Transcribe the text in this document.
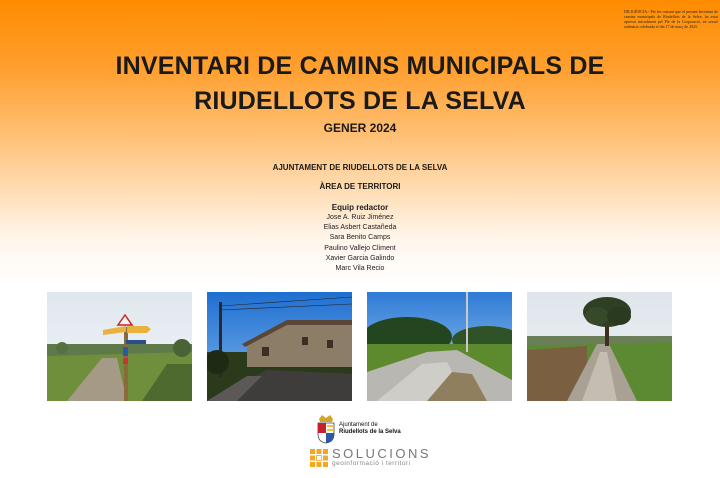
DILIGÈNCIA.- Per fer constar que el present Inventari de camins municipals de Riudellots de la Selva, ha estat aprovat inicialment pel Ple de la Corporació, en sessió ordinària celebrada el dia 17 de març de 2025.
INVENTARI DE CAMINS MUNICIPALS DE
RIUDELLOTS DE LA SELVA
GENER 2024
AJUNTAMENT DE RIUDELLOTS DE LA SELVA
ÀREA DE TERRITORI
Equip redactor
Jose A. Ruiz Jiménez
Elias Asbert Castañeda
Sara Benito Camps
Paulino Vallejo Climent
Xavier Garcia Galindo
Marc Vila Recio
Ajuntament de
Riudellots de la Selva
SOLUCIONS
geoinformació i territori
